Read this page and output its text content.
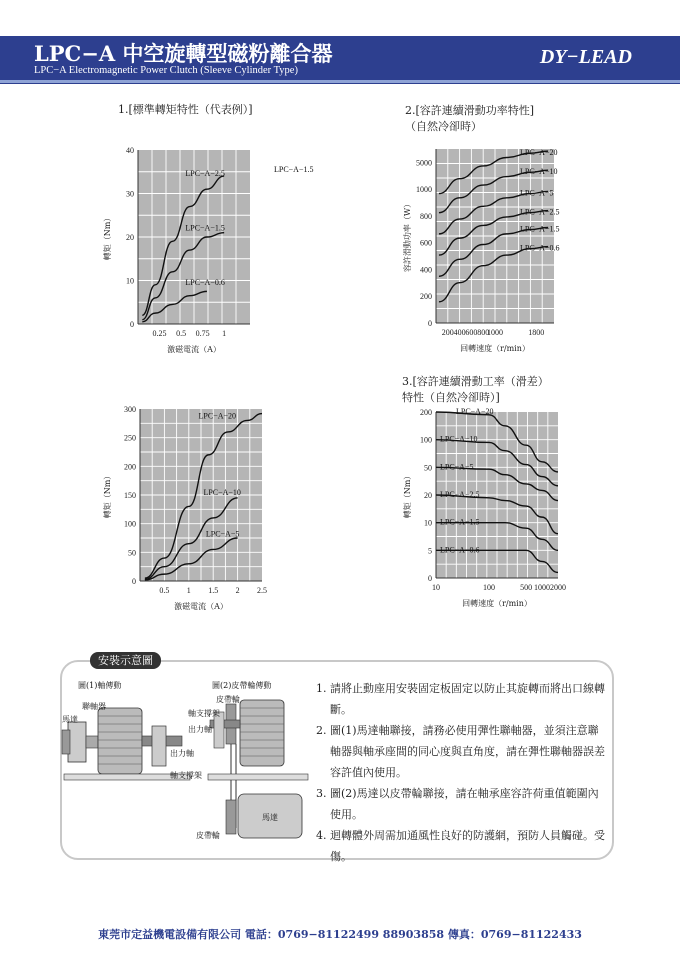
LPC−A 中空旋轉型磁粉離合器
LPC−A Electromagnetic Power Clutch (Sleeve Cylinder Type)
DY−LEAD
1.[標準轉矩特性（代表例）]	2.[容許連續滑動功率特性]
（自然冷卻時）
3.[容許連續滑動工率（滑差）
特性（自然冷卻時）]
0.25 0.5 0.75 1
0
10
20
30
40
LPC−A−2.5
LPC−A−1.5
LPC−A−0.6
激磁電流（A）
轉矩（Nm）
LPC−A−1.5
200 400 600 800
1000	1800
0
200
400
600
800
1000
5000
LPC−A−20
LPC−A−10
LPC−A−5
LPC−A−2.5
LPC−A−1.5
LPC−A−0.6
回轉速度（r/min）
容許滑動功率（W）
0.5 1 1.5 2 2.5
0
50
100
150
200
250
300
LPC−A−20
LPC−A−10
LPC−A−5
激磁電流（A）
轉矩（Nm）
10	100	500 1000 2000
0
5
10
20
50
100
200	LPC−A−20
LPC−A−10
LPC−A−5
LPC−A−2.5
LPC−A−1.5
LPC−A−0.6
回轉速度（r/min）
轉矩（Nm）
安裝示意圖
圖(1)軸傳動	圖(2)皮帶輪傳動
馬達
聯軸器
出力軸
軸支撐架
皮帶輪
軸支撐架
出力軸
馬達
皮帶輪
1. 請將止動座用安裝固定板固定以防止其旋轉而將出口線轉斷。
2. 圖(1)馬達軸聯接，請務必使用彈性聯軸器，並須注意聯軸器與軸承座間的同心度與直角度，請在彈性聯軸器誤差容許值內使用。
3. 圖(2)馬達以皮帶輪聯接，請在軸承座容許荷重值範圍內使用。
4. 迴轉體外周需加通風性良好的防護網，預防人員觸碰。受傷。
東莞市定益機電設備有限公司 電話：0769−81122499 88903858 傳真：0769−81122433
